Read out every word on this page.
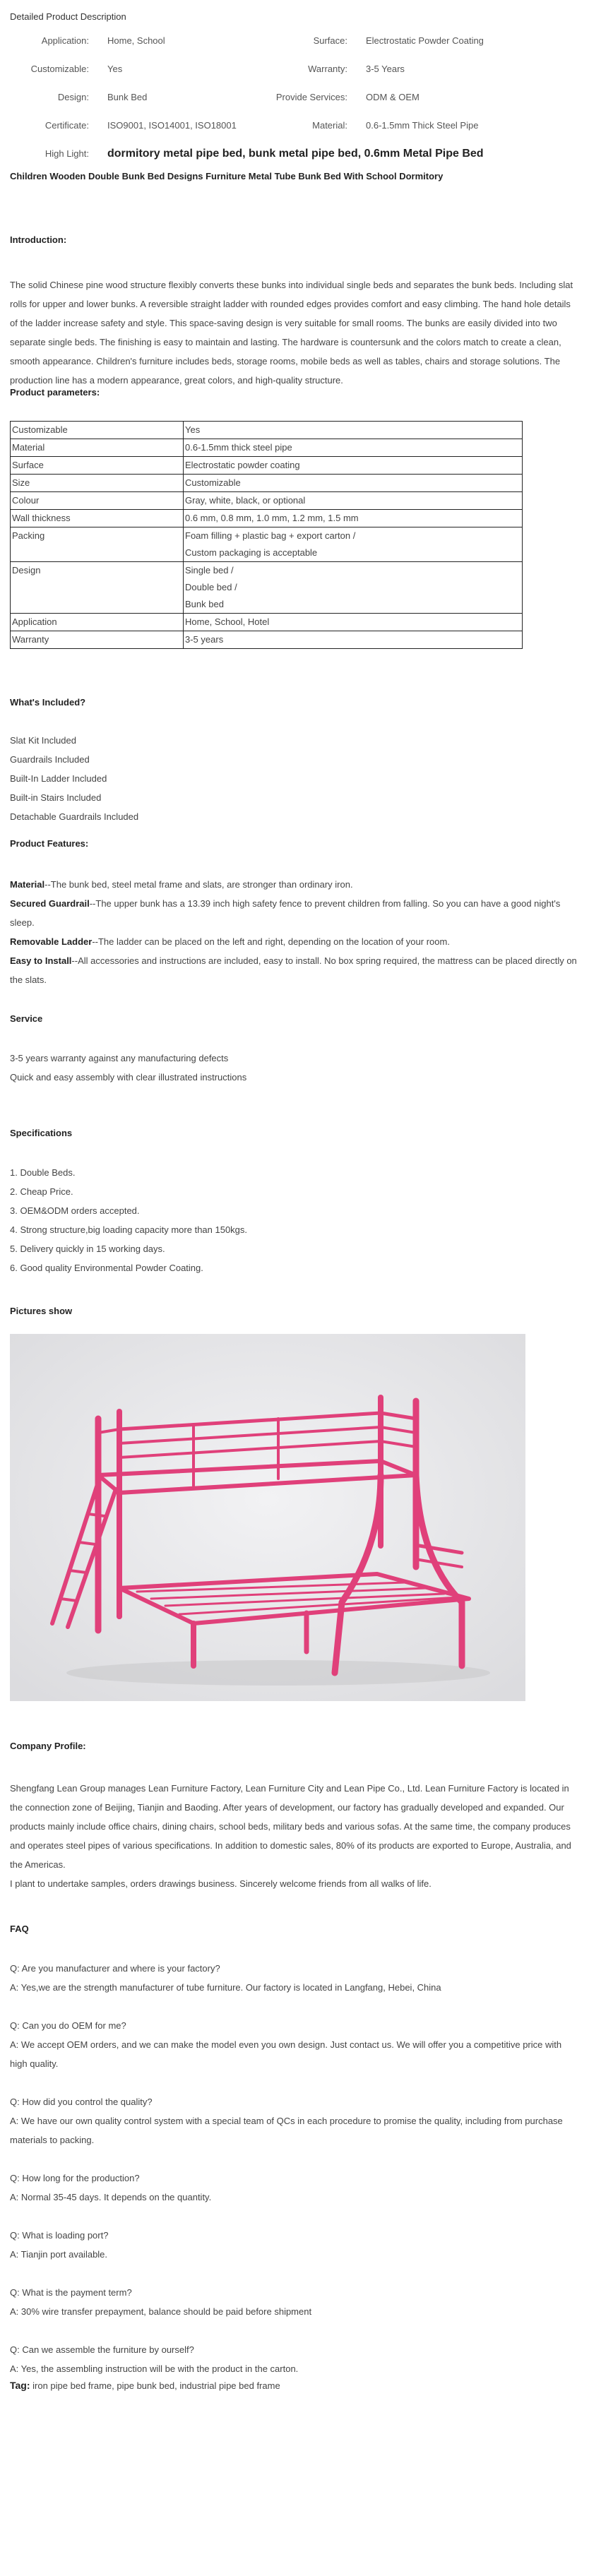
Detailed Product Description
Application:	Home, School	Surface:	Electrostatic Powder Coating
Customizable:	Yes	Warranty:	3-5 Years
Design:	Bunk Bed	Provide Services:	ODM & OEM
Certificate:	ISO9001, ISO14001, ISO18001	Material:	0.6-1.5mm Thick Steel Pipe
High Light:	dormitory metal pipe bed, bunk metal pipe bed, 0.6mm Metal Pipe Bed
Children Wooden Double Bunk Bed Designs Furniture Metal Tube Bunk Bed With School Dormitory
Introduction:

The solid Chinese pine wood structure flexibly converts these bunks into individual single beds and separates the bunk beds. Including slat rolls for upper and lower bunks. A reversible straight ladder with rounded edges provides comfort and easy climbing. The hand hole details of the ladder increase safety and style. This space-saving design is very suitable for small rooms. The bunks are easily divided into two separate single beds. The finishing is easy to maintain and lasting. The hardware is countersunk and the colors match to create a clean, smooth appearance. Children's furniture includes beds, storage rooms, mobile beds as well as tables, chairs and storage solutions. The production line has a modern appearance, great colors, and high-quality structure.

Product parameters:
Customizable	Yes

Material	0.6-1.5mm thick steel pipe

Surface	Electrostatic powder coating

Size	Customizable

Colour	Gray, white, black, or optional

Wall thickness	0.6 mm, 0.8 mm, 1.0 mm, 1.2 mm, 1.5 mm

Packing	Foam filling + plastic bag + export carton /
Custom packaging is acceptable

Design	Single bed /
Double bed /
Bunk bed

Application	Home, School, Hotel

Warranty	3-5 years
What's Included?
Slat Kit Included
Guardrails Included
Built-In Ladder Included
Built-in Stairs Included
Detachable Guardrails Included
Product Features:

Material--The bunk bed, steel metal frame and slats, are stronger than ordinary iron.

Secured Guardrail--The upper bunk has a 13.39 inch high safety fence to prevent children from falling. So you can have a good night's sleep.

Removable Ladder--The ladder can be placed on the left and right, depending on the location of your room.

Easy to Install--All accessories and instructions are included, easy to install. No box spring required, the mattress can be placed directly on the slats.

Service
3-5 years warranty against any manufacturing defects
Quick and easy assembly with clear illustrated instructions
Specifications
1. Double Beds.
2. Cheap Price.
3. OEM&ODM orders accepted.
4. Strong structure,big loading capacity more than 150kgs.
5. Delivery quickly in 15 working days.
6. Good quality Environmental Powder Coating.
Pictures show
Company Profile:

Shengfang Lean Group manages Lean Furniture Factory, Lean Furniture City and Lean Pipe Co., Ltd. Lean Furniture Factory is located in the connection zone of Beijing, Tianjin and Baoding. After years of development, our factory has gradually developed and expanded. Our products mainly include office chairs, dining chairs, school beds, military beds and various sofas. At the same time, the company produces and operates steel pipes of various specifications. In addition to domestic sales, 80% of its products are exported to Europe, Australia, and the Americas.

I plant to undertake samples, orders drawings business. Sincerely welcome friends from all walks of life.

FAQ
Q: Are you manufacturer and where is your factory?
A: Yes,we are the strength manufacturer of tube furniture. Our factory is located in Langfang, Hebei, China
Q: Can you do OEM for me?
A: We accept OEM orders, and we can make the model even you own design. Just contact us. We will offer you a competitive price with high quality.
Q: How did you control the quality?
A: We have our own quality control system with a special team of QCs in each procedure to promise the quality, including from purchase materials to packing.
Q: How long for the production?
A: Normal 35-45 days. It depends on the quantity.
Q: What is loading port?
A: Tianjin port available.
Q: What is the payment term?
A: 30% wire transfer prepayment, balance should be paid before shipment
Q: Can we assemble the furniture by ourself?
A: Yes, the assembling instruction will be with the product in the carton.
Tag: iron pipe bed frame, pipe bunk bed, industrial pipe bed frame
